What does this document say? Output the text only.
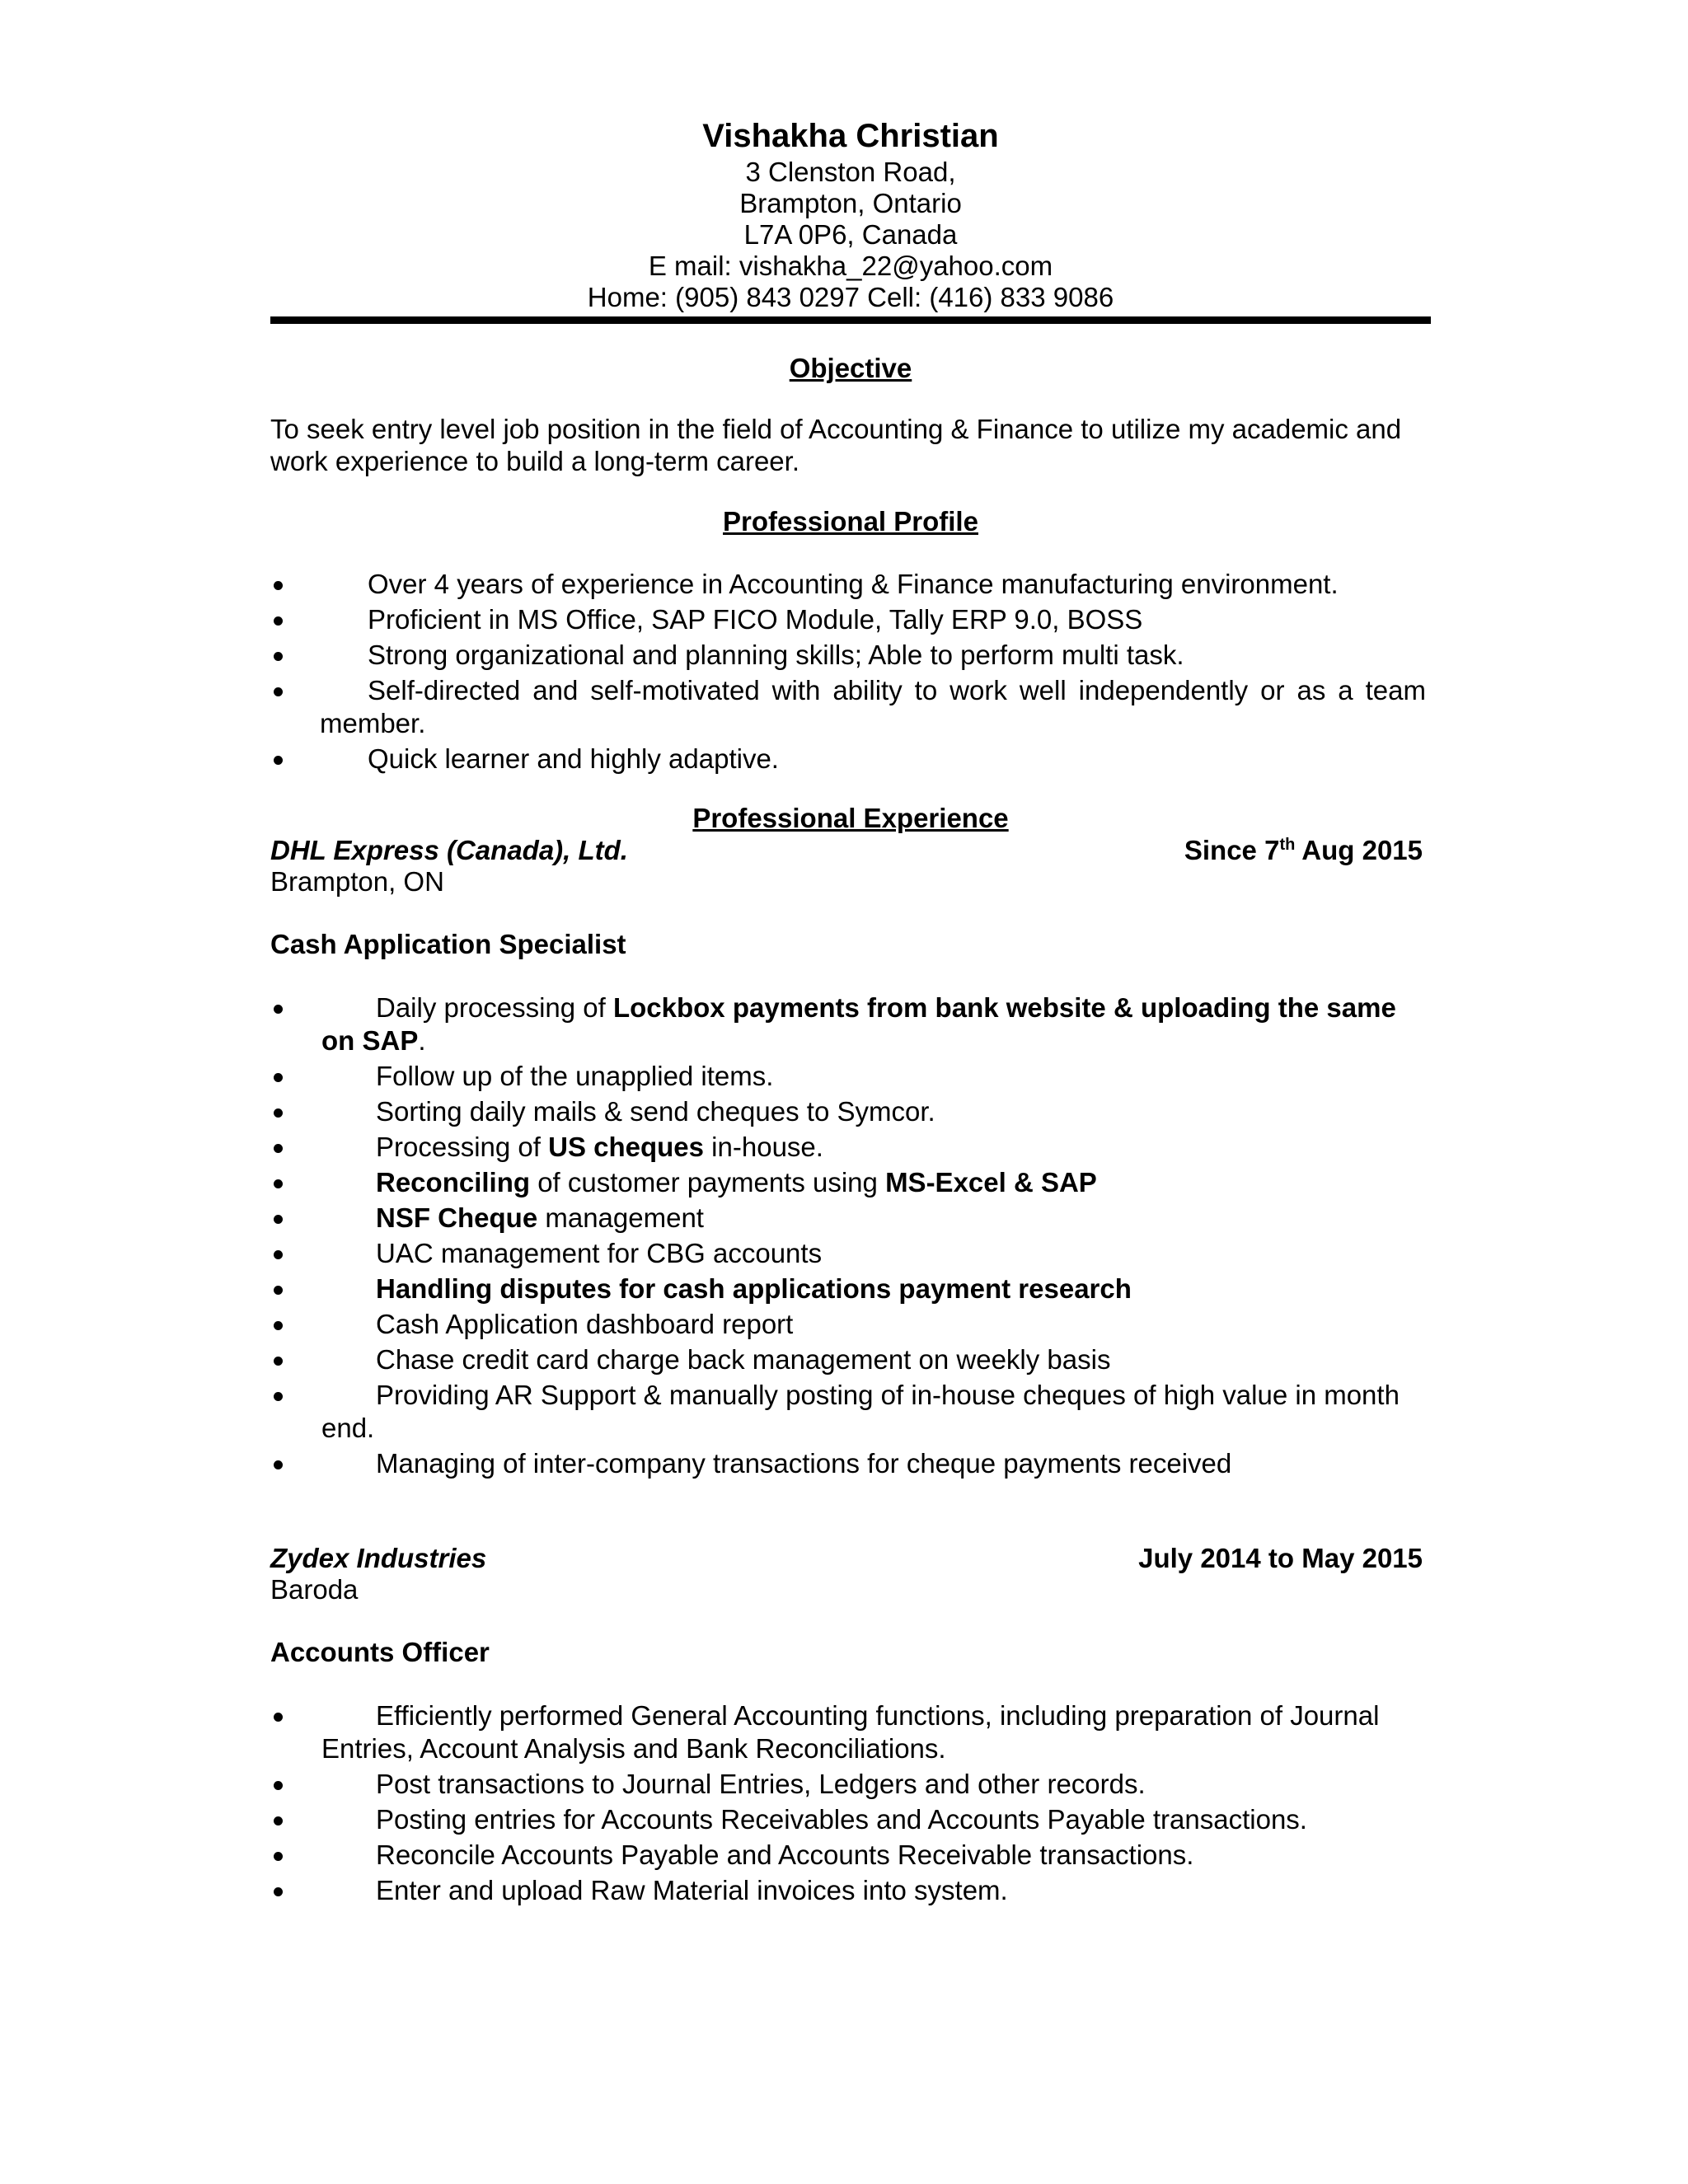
Vishakha Christian
3 Clenston Road,
Brampton, Ontario
L7A 0P6, Canada
E mail: vishakha_22@yahoo.com
Home: (905) 843 0297 Cell: (416) 833 9086
Objective

To seek entry level job position in the field of Accounting & Finance to utilize my academic and work experience to build a long-term career.

Professional Profile
Over 4 years of experience in Accounting & Finance manufacturing environment.
Proficient in MS Office, SAP FICO Module, Tally ERP 9.0, BOSS
Strong organizational and planning skills; Able to perform multi task.
Self-directed and self-motivated with ability to work well independently or as a team member.
Quick learner and highly adaptive.
Professional Experience
DHL Express (Canada), Ltd.	Since 7th Aug 2015
Brampton, ON
Cash Application Specialist
Daily processing of Lockbox payments from bank website & uploading the same on SAP.
Follow up of the unapplied items.
Sorting daily mails & send cheques to Symcor.
Processing of US cheques in-house.
Reconciling of customer payments using MS-Excel & SAP
NSF Cheque management
UAC management for CBG accounts
Handling disputes for cash applications payment research
Cash Application dashboard report
Chase credit card charge back management on weekly basis
Providing AR Support & manually posting of in-house cheques of high value in month end.
Managing of inter-company transactions for cheque payments received
Zydex Industries	July 2014 to May 2015
Baroda
Accounts Officer
Efficiently performed General Accounting functions, including preparation of Journal Entries, Account Analysis and Bank Reconciliations.
Post transactions to Journal Entries, Ledgers and other records.
Posting entries for Accounts Receivables and Accounts Payable transactions.
Reconcile Accounts Payable and Accounts Receivable transactions.
Enter and upload Raw Material invoices into system.
